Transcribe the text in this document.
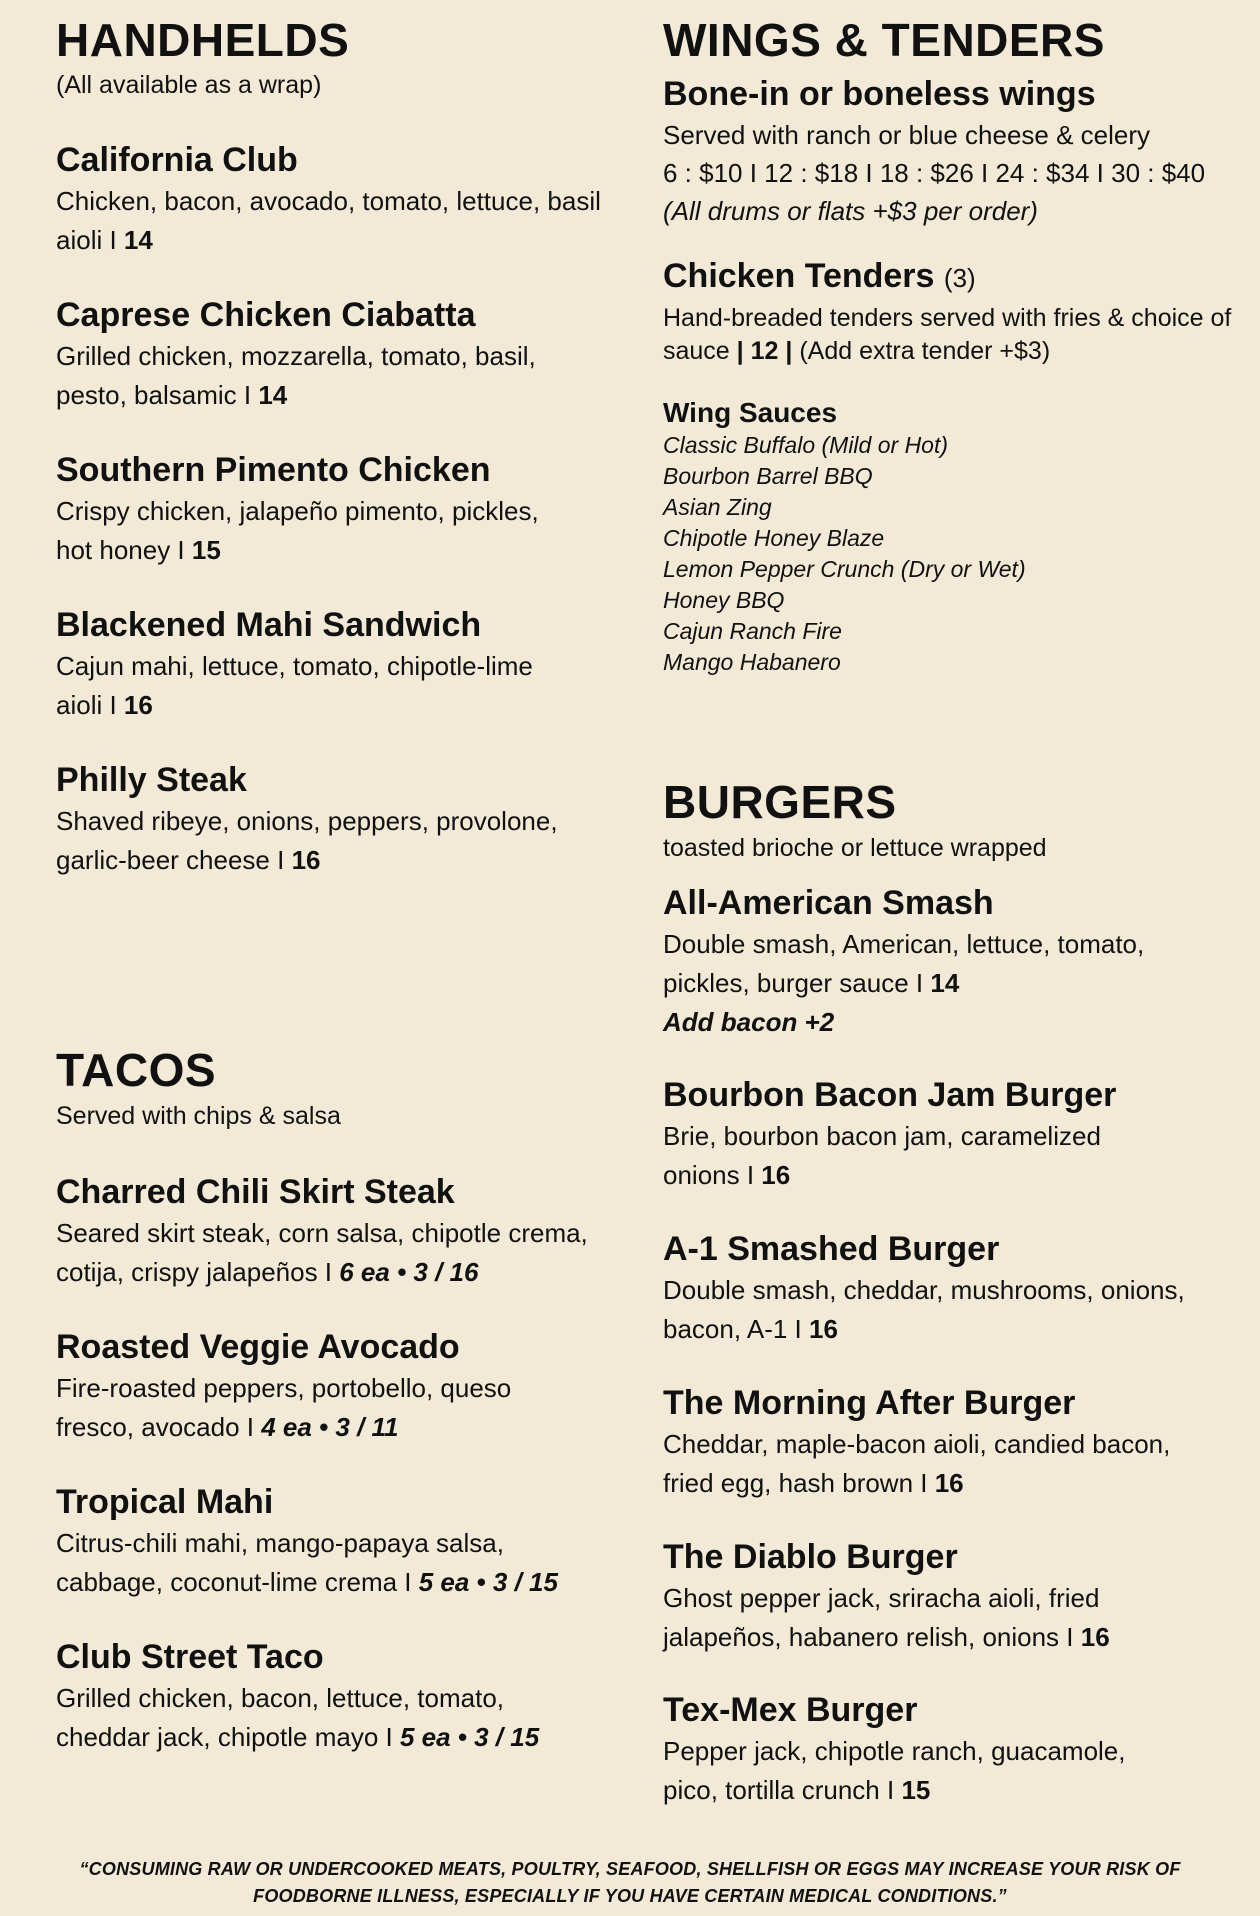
HANDHELDS
(All available as a wrap)
California Club
Chicken, bacon, avocado, tomato, lettuce, basil aioli I 14
Caprese Chicken Ciabatta
Grilled chicken, mozzarella, tomato, basil, pesto, balsamic I 14
Southern Pimento Chicken
Crispy chicken, jalapeño pimento, pickles, hot honey I 15
Blackened Mahi Sandwich
Cajun mahi, lettuce, tomato, chipotle-lime aioli I 16
Philly Steak
Shaved ribeye, onions, peppers, provolone, garlic-beer cheese I 16
TACOS
Served with chips & salsa
Charred Chili Skirt Steak
Seared skirt steak, corn salsa, chipotle crema, cotija, crispy jalapeños I 6 ea • 3 / 16
Roasted Veggie Avocado
Fire-roasted peppers, portobello, queso fresco, avocado I 4 ea • 3 / 11
Tropical Mahi
Citrus-chili mahi, mango-papaya salsa, cabbage, coconut-lime crema I 5 ea • 3 / 15
Club Street Taco
Grilled chicken, bacon, lettuce, tomato, cheddar jack, chipotle mayo I 5 ea • 3 / 15
WINGS & TENDERS
Bone-in or boneless wings
Served with ranch or blue cheese & celery
6 : $10 I 12 : $18 I 18 : $26 I 24 : $34 I 30 : $40
(All drums or flats +$3 per order)
Chicken Tenders (3)
Hand-breaded tenders served with fries & choice of sauce | 12 | (Add extra tender +$3)
Wing Sauces
Classic Buffalo (Mild or Hot)
Bourbon Barrel BBQ
Asian Zing
Chipotle Honey Blaze
Lemon Pepper Crunch (Dry or Wet)
Honey BBQ
Cajun Ranch Fire
Mango Habanero
BURGERS
toasted brioche or lettuce wrapped
All-American Smash
Double smash, American, lettuce, tomato, pickles, burger sauce I 14
Add bacon +2
Bourbon Bacon Jam Burger
Brie, bourbon bacon jam, caramelized onions I 16
A-1 Smashed Burger
Double smash, cheddar, mushrooms, onions, bacon, A-1 I 16
The Morning After Burger
Cheddar, maple-bacon aioli, candied bacon, fried egg, hash brown I 16
The Diablo Burger
Ghost pepper jack, sriracha aioli, fried jalapeños, habanero relish, onions I 16
Tex-Mex Burger
Pepper jack, chipotle ranch, guacamole, pico, tortilla crunch I 15
“CONSUMING RAW OR UNDERCOOKED MEATS, POULTRY, SEAFOOD, SHELLFISH OR EGGS MAY INCREASE YOUR RISK OF FOODBORNE ILLNESS, ESPECIALLY IF YOU HAVE CERTAIN MEDICAL CONDITIONS.”
